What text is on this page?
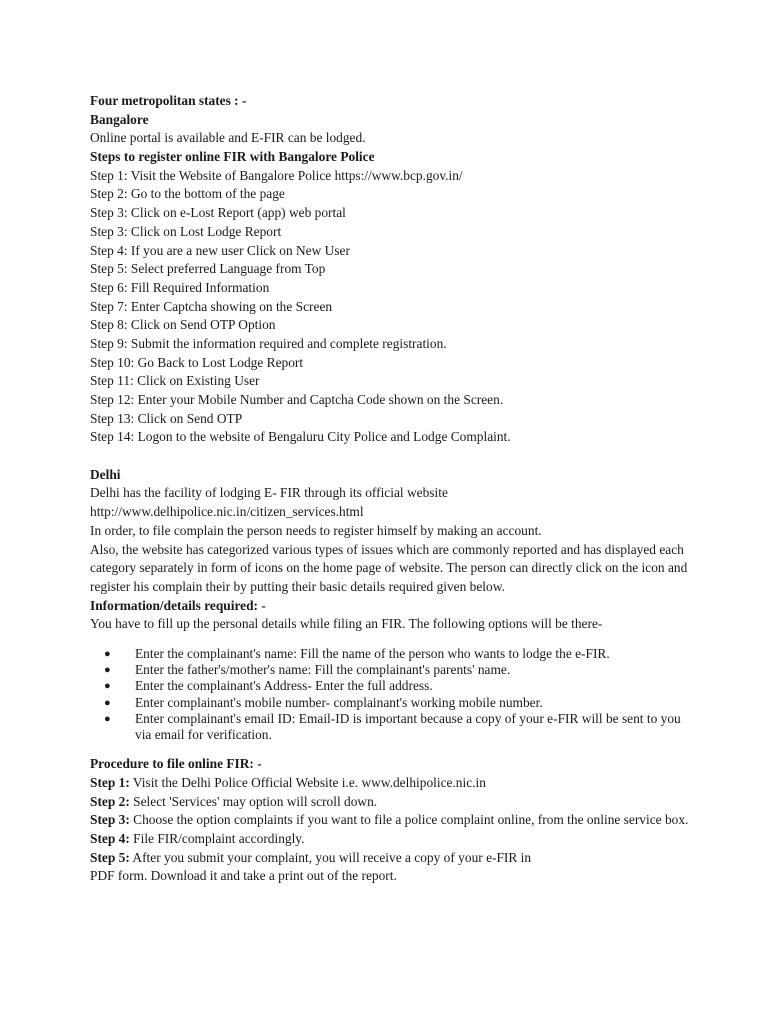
Four metropolitan states : -
Bangalore
Online portal is available and E-FIR can be lodged.
Steps to register online FIR with Bangalore Police
Step 1: Visit the Website of Bangalore Police https://www.bcp.gov.in/
Step 2: Go to the bottom of the page
Step 3: Click on e-Lost Report (app) web portal
Step 3: Click on Lost Lodge Report
Step 4: If you are a new user Click on New User
Step 5: Select preferred Language from Top
Step 6: Fill Required Information
Step 7: Enter Captcha showing on the Screen
Step 8: Click on Send OTP Option
Step 9: Submit the information required and complete registration.
Step 10: Go Back to Lost Lodge Report
Step 11: Click on Existing User
Step 12: Enter your Mobile Number and Captcha Code shown on the Screen.
Step 13: Click on Send OTP
Step 14: Logon to the website of Bengaluru City Police and Lodge Complaint.
Delhi
Delhi has the facility of lodging E- FIR through its official website
http://www.delhipolice.nic.in/citizen_services.html
In order, to file complain the person needs to register himself by making an account.
Also, the website has categorized various types of issues which are commonly reported and has displayed each category separately in form of icons on the home page of website. The person can directly click on the icon and register his complain their by putting their basic details required given below.
Information/details required: -
You have to fill up the personal details while filing an FIR. The following options will be there-
● Enter the complainant's name: Fill the name of the person who wants to lodge the e-FIR.
● Enter the father's/mother's name: Fill the complainant's parents' name.
● Enter the complainant's Address- Enter the full address.
● Enter complainant's mobile number- complainant's working mobile number.
● Enter complainant's email ID: Email-ID is important because a copy of your e-FIR will be sent to you via email for verification.
Procedure to file online FIR: -
Step 1: Visit the Delhi Police Official Website i.e. www.delhipolice.nic.in
Step 2: Select 'Services' may option will scroll down.
Step 3: Choose the option complaints if you want to file a police complaint online, from the online service box.
Step 4: File FIR/complaint accordingly.
Step 5: After you submit your complaint, you will receive a copy of your e-FIR in
PDF form. Download it and take a print out of the report.
